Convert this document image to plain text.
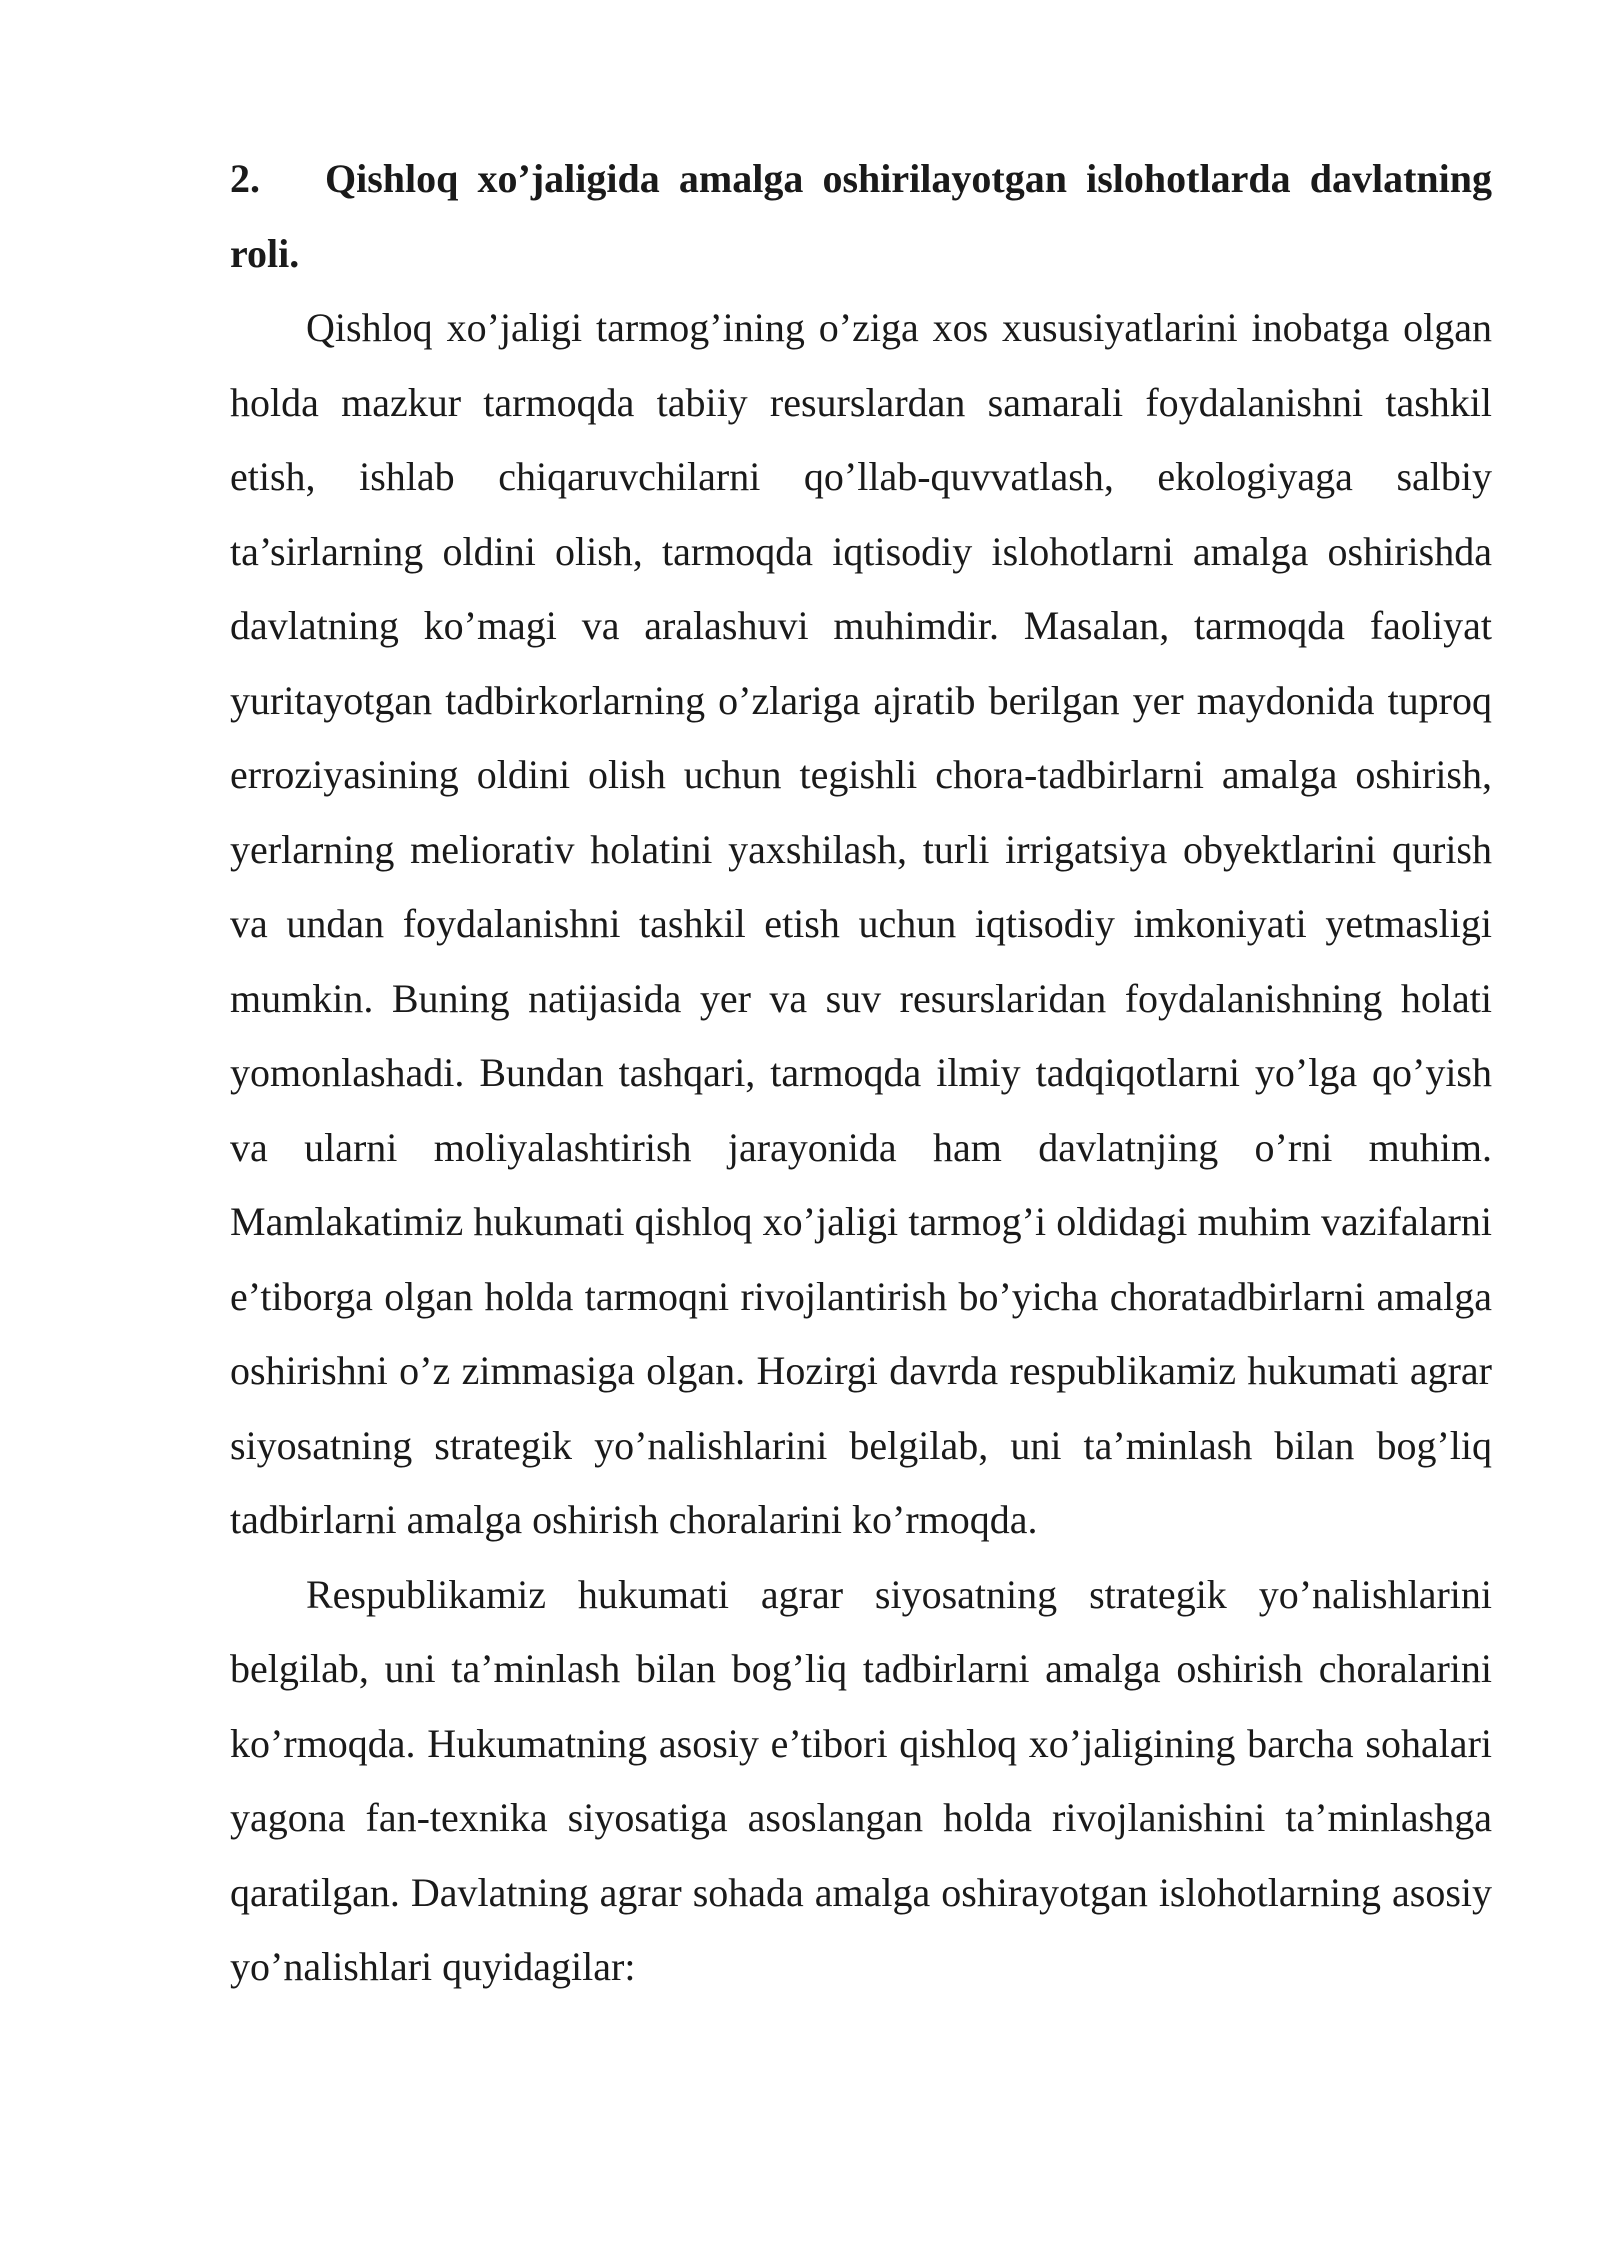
2. Qishloq xo’jaligida amalga oshirilayotgan islohotlarda davlatning roli.

Qishloq xo’jaligi tarmog’ining o’ziga xos xususiyatlarini inobatga olgan holda mazkur tarmoqda tabiiy resurslardan samarali foydalanishni tashkil etish, ishlab chiqaruvchilarni qo’llab-quvvatlash, ekologiyaga salbiy ta’sirlarning oldini olish, tarmoqda iqtisodiy islohotlarni amalga oshirishda davlatning ko’magi va aralashuvi muhimdir. Masalan, tarmoqda faoliyat yuritayotgan tadbirkorlarning o’zlariga ajratib berilgan yer maydonida tuproq erroziyasining oldini olish uchun tegishli chora-tadbirlarni amalga oshirish, yerlarning meliorativ holatini yaxshilash, turli irrigatsiya obyektlarini qurish va undan foydalanishni tashkil etish uchun iqtisodiy imkoniyati yetmasligi mumkin. Buning natijasida yer va suv resurslaridan foydalanishning holati yomonlashadi. Bundan tashqari, tarmoqda ilmiy tadqiqotlarni yo’lga qo’yish va ularni moliyalashtirish jarayonida ham davlatnjing o’rni muhim. Mamlakatimiz hukumati qishloq xo’jaligi tarmog’i oldidagi muhim vazifalarni e’tiborga olgan holda tarmoqni rivojlantirish bo’yicha choratadbirlarni amalga oshirishni o’z zimmasiga olgan. Hozirgi davrda respublikamiz hukumati agrar siyosatning strategik yo’nalishlarini belgilab, uni ta’minlash bilan bog’liq tadbirlarni amalga oshirish choralarini ko’rmoqda.

Respublikamiz hukumati agrar siyosatning strategik yo’nalishlarini belgilab, uni ta’minlash bilan bog’liq tadbirlarni amalga oshirish choralarini ko’rmoqda. Hukumatning asosiy e’tibori qishloq xo’jaligining barcha sohalari yagona fan-texnika siyosatiga asoslangan holda rivojlanishini ta’minlashga qaratilgan. Davlatning agrar sohada amalga oshirayotgan islohotlarning asosiy yo’nalishlari quyidagilar:
